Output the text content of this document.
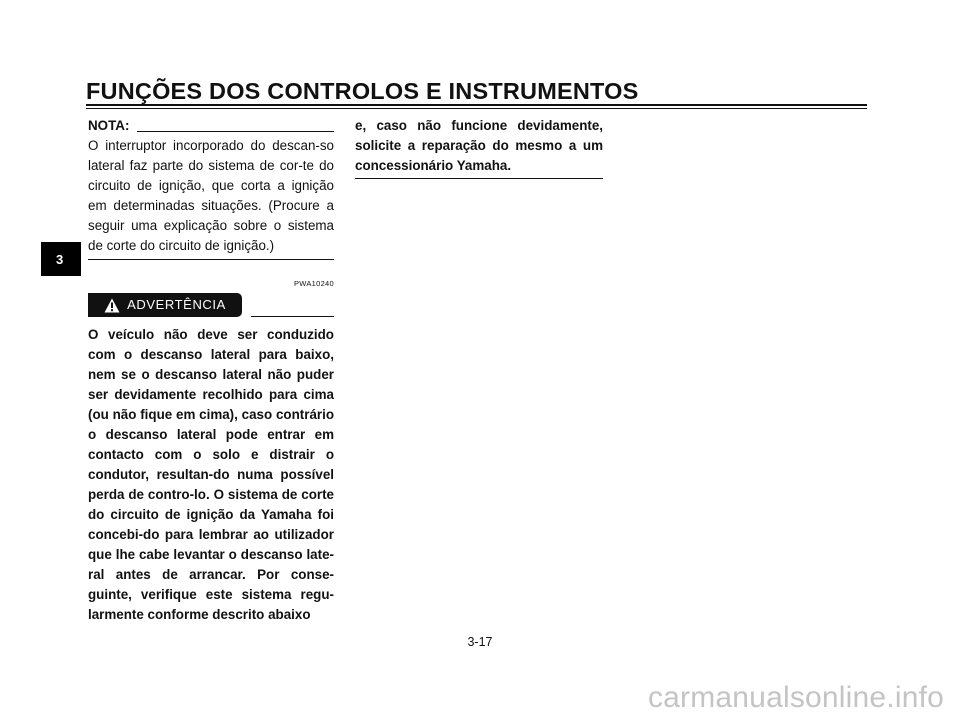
FUNÇÕES DOS CONTROLOS E INSTRUMENTOS
3
NOTA:

O interruptor incorporado do descan-so lateral faz parte do sistema de cor-te do circuito de ignição, que corta a ignição em determinadas situações. (Procure a seguir uma explicação sobre o sistema de corte do circuito de ignição.)

PWA10240
ADVERTÊNCIA

O veículo não deve ser conduzido com o descanso lateral para baixo, nem se o descanso lateral não puder ser devidamente recolhido para cima (ou não fique em cima), caso contrário o descanso lateral pode entrar em contacto com o solo e distrair o condutor, resultan-do numa possível perda de contro-lo. O sistema de corte do circuito de ignição da Yamaha foi concebi-do para lembrar ao utilizador que lhe cabe levantar o descanso late-ral antes de arrancar. Por conse-guinte, verifique este sistema regu-larmente conforme descrito abaixo

e, caso não funcione devidamente, solicite a reparação do mesmo a um concessionário Yamaha.

3-17
carmanualsonline.info
